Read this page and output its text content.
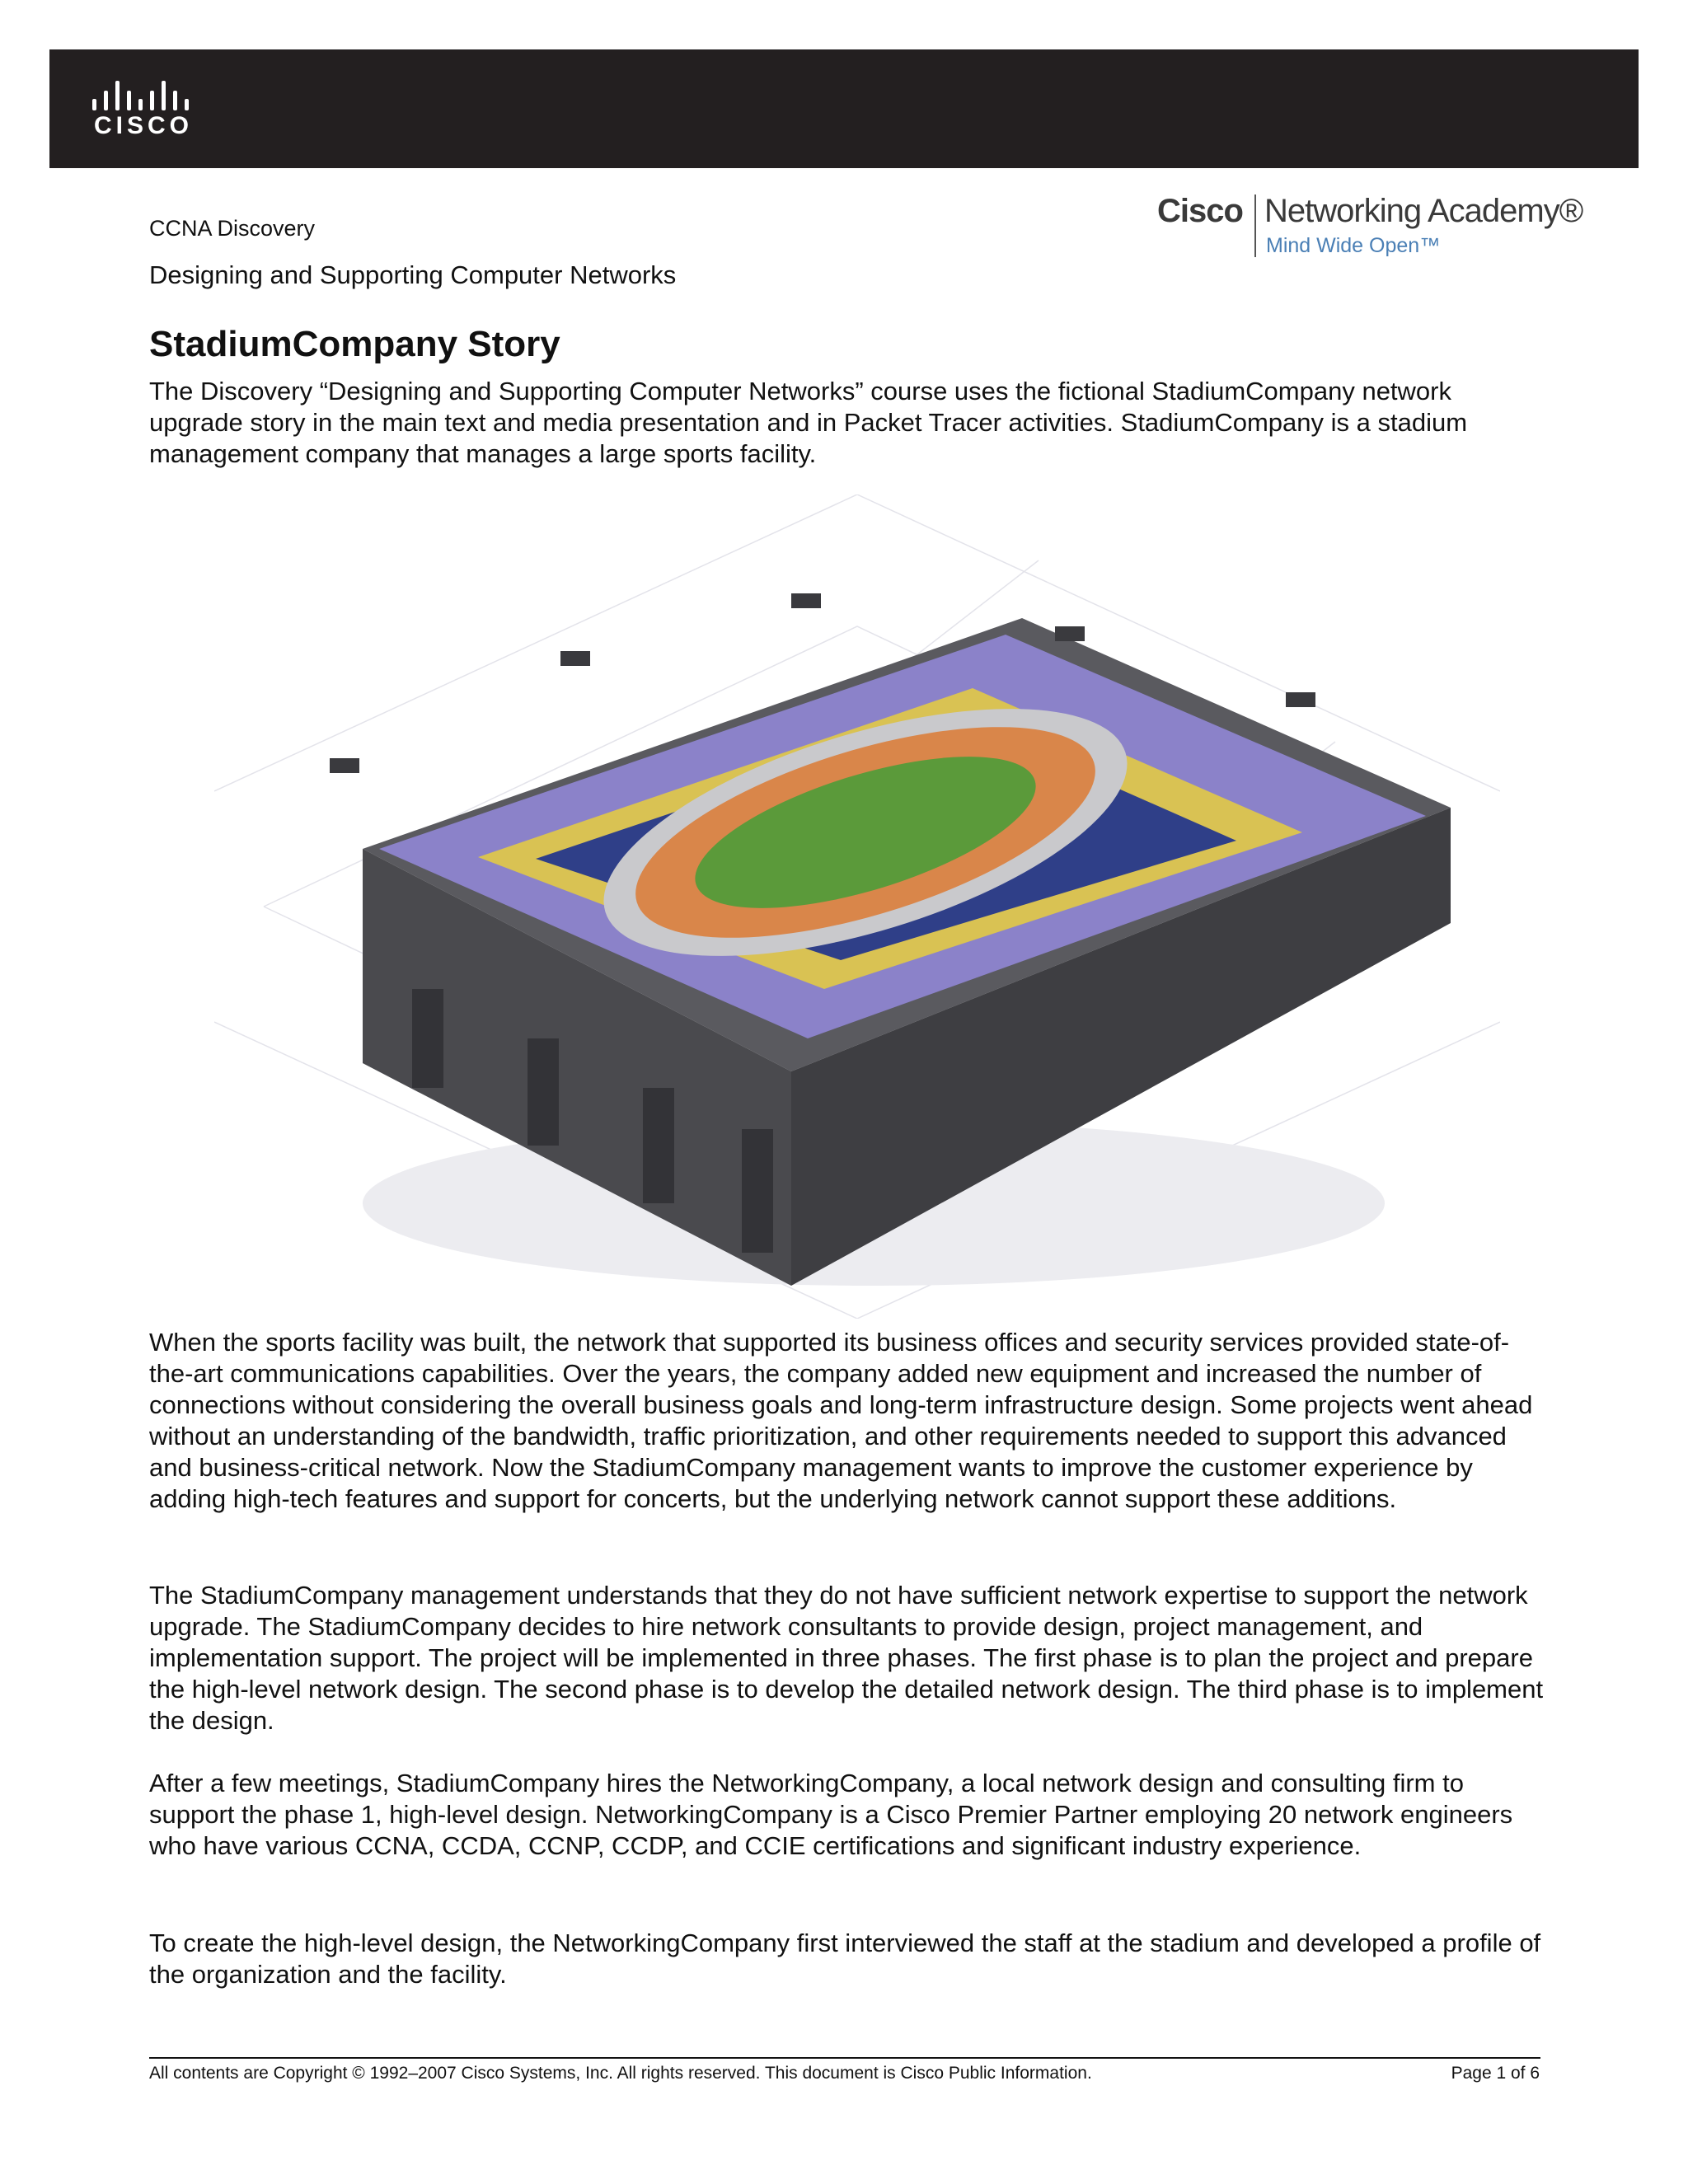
CISCO
Cisco Networking Academy®
Mind Wide Open™
CCNA Discovery
Designing and Supporting Computer Networks
StadiumCompany Story

The Discovery “Designing and Supporting Computer Networks” course uses the fictional StadiumCompany network upgrade story in the main text and media presentation and in Packet Tracer activities. StadiumCompany is a stadium management company that manages a large sports facility.

When the sports facility was built, the network that supported its business offices and security services provided state-of-the-art communications capabilities. Over the years, the company added new equipment and increased the number of connections without considering the overall business goals and long-term infrastructure design. Some projects went ahead without an understanding of the bandwidth, traffic prioritization, and other requirements needed to support this advanced and business-critical network. Now the StadiumCompany management wants to improve the customer experience by adding high-tech features and support for concerts, but the underlying network cannot support these additions.

The StadiumCompany management understands that they do not have sufficient network expertise to support the network upgrade. The StadiumCompany decides to hire network consultants to provide design, project management, and implementation support. The project will be implemented in three phases. The first phase is to plan the project and prepare the high-level network design. The second phase is to develop the detailed network design. The third phase is to implement the design.

After a few meetings, StadiumCompany hires the NetworkingCompany, a local network design and consulting firm to support the phase 1, high-level design. NetworkingCompany is a Cisco Premier Partner employing 20 network engineers who have various CCNA, CCDA, CCNP, CCDP, and CCIE certifications and significant industry experience.

To create the high-level design, the NetworkingCompany first interviewed the staff at the stadium and developed a profile of the organization and the facility.

All contents are Copyright © 1992–2007 Cisco Systems, Inc. All rights reserved. This document is Cisco Public Information.	Page 1 of 6
